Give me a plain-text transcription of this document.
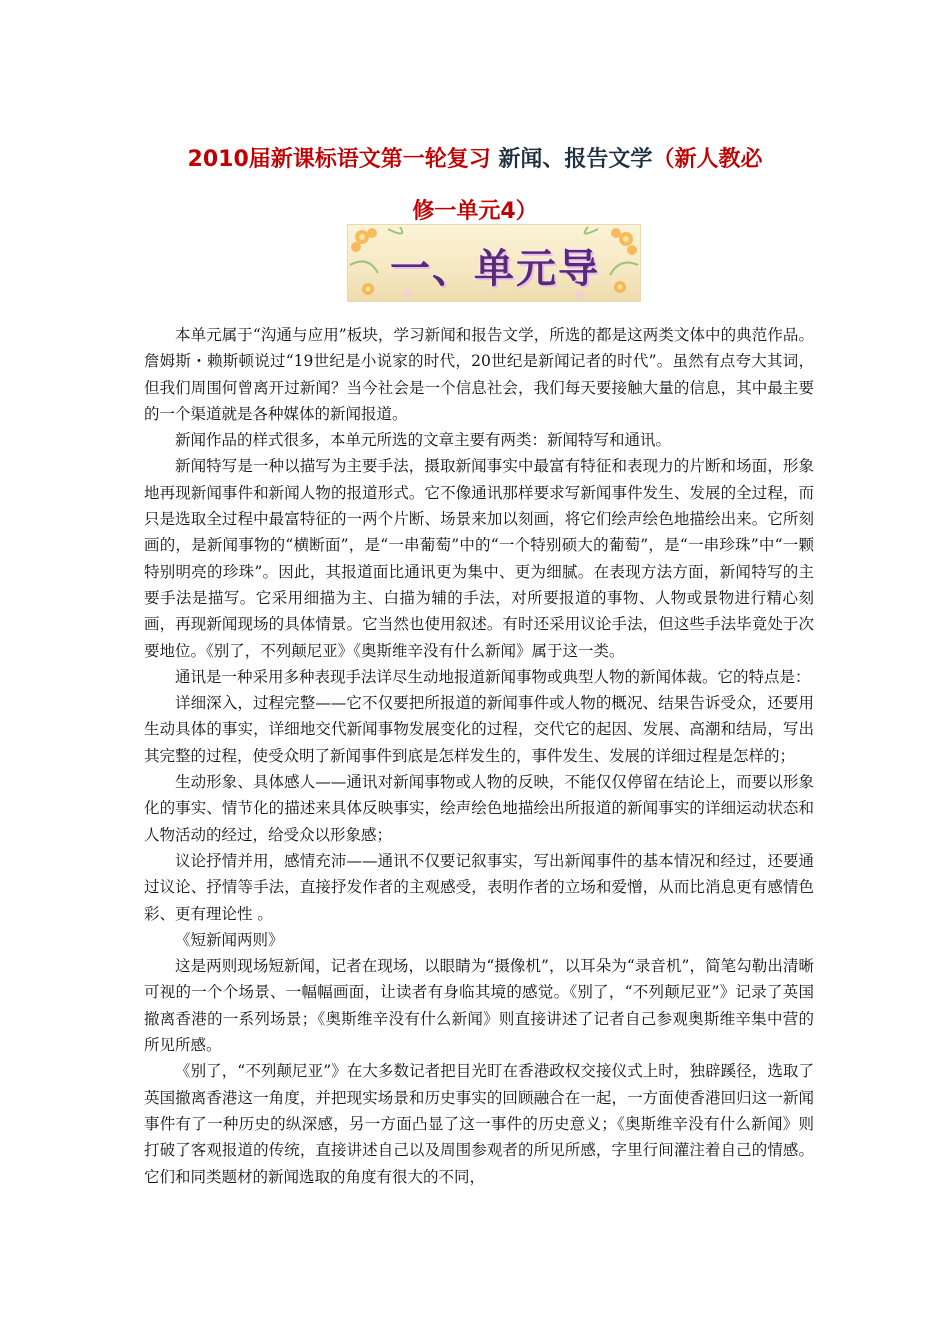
2010届新课标语文第一轮复习 新闻、报告文学（新人教必
修一单元4）
一、单元导

本单元属于“沟通与应用”板块，学习新闻和报告文学，所选的都是这两类文体中的典范作品。詹姆斯・赖斯顿说过“19世纪是小说家的时代，20世纪是新闻记者的时代”。虽然有点夸大其词，但我们周围何曾离开过新闻？当今社会是一个信息社会，我们每天要接触大量的信息，其中最主要的一个渠道就是各种媒体的新闻报道。

新闻作品的样式很多，本单元所选的文章主要有两类：新闻特写和通讯。

新闻特写是一种以描写为主要手法，摄取新闻事实中最富有特征和表现力的片断和场面，形象地再现新闻事件和新闻人物的报道形式。它不像通讯那样要求写新闻事件发生、发展的全过程，而只是选取全过程中最富特征的一两个片断、场景来加以刻画，将它们绘声绘色地描绘出来。它所刻画的，是新闻事物的“横断面”，是“一串葡萄”中的“一个特别硕大的葡萄”，是“一串珍珠”中“一颗特别明亮的珍珠”。因此，其报道面比通讯更为集中、更为细腻。在表现方法方面，新闻特写的主要手法是描写。它采用细描为主、白描为辅的手法，对所要报道的事物、人物或景物进行精心刻画，再现新闻现场的具体情景。它当然也使用叙述。有时还采用议论手法，但这些手法毕竟处于次要地位。《别了，不列颠尼亚》《奥斯维辛没有什么新闻》属于这一类。

通讯是一种采用多种表现手法详尽生动地报道新闻事物或典型人物的新闻体裁。它的特点是：

详细深入，过程完整——它不仅要把所报道的新闻事件或人物的概况、结果告诉受众，还要用生动具体的事实，详细地交代新闻事物发展变化的过程，交代它的起因、发展、高潮和结局，写出其完整的过程，使受众明了新闻事件到底是怎样发生的，事件发生、发展的详细过程是怎样的；

生动形象、具体感人——通讯对新闻事物或人物的反映，不能仅仅停留在结论上，而要以形象化的事实、情节化的描述来具体反映事实，绘声绘色地描绘出所报道的新闻事实的详细运动状态和人物活动的经过，给受众以形象感；

议论抒情并用，感情充沛——通讯不仅要记叙事实，写出新闻事件的基本情况和经过，还要通过议论、抒情等手法，直接抒发作者的主观感受，表明作者的立场和爱憎，从而比消息更有感情色彩、更有理论性 。

《短新闻两则》

这是两则现场短新闻，记者在现场，以眼睛为“摄像机”，以耳朵为“录音机”，简笔勾勒出清晰可视的一个个场景、一幅幅画面，让读者有身临其境的感觉。《别了，“不列颠尼亚”》记录了英国撤离香港的一系列场景；《奥斯维辛没有什么新闻》则直接讲述了记者自己参观奥斯维辛集中营的所见所感。

《别了，“不列颠尼亚”》在大多数记者把目光盯在香港政权交接仪式上时，独辟蹊径，选取了英国撤离香港这一角度，并把现实场景和历史事实的回顾融合在一起，一方面使香港回归这一新闻事件有了一种历史的纵深感，另一方面凸显了这一事件的历史意义；《奥斯维辛没有什么新闻》则打破了客观报道的传统，直接讲述自己以及周围参观者的所见所感，字里行间灌注着自己的情感。它们和同类题材的新闻选取的角度有很大的不同，
